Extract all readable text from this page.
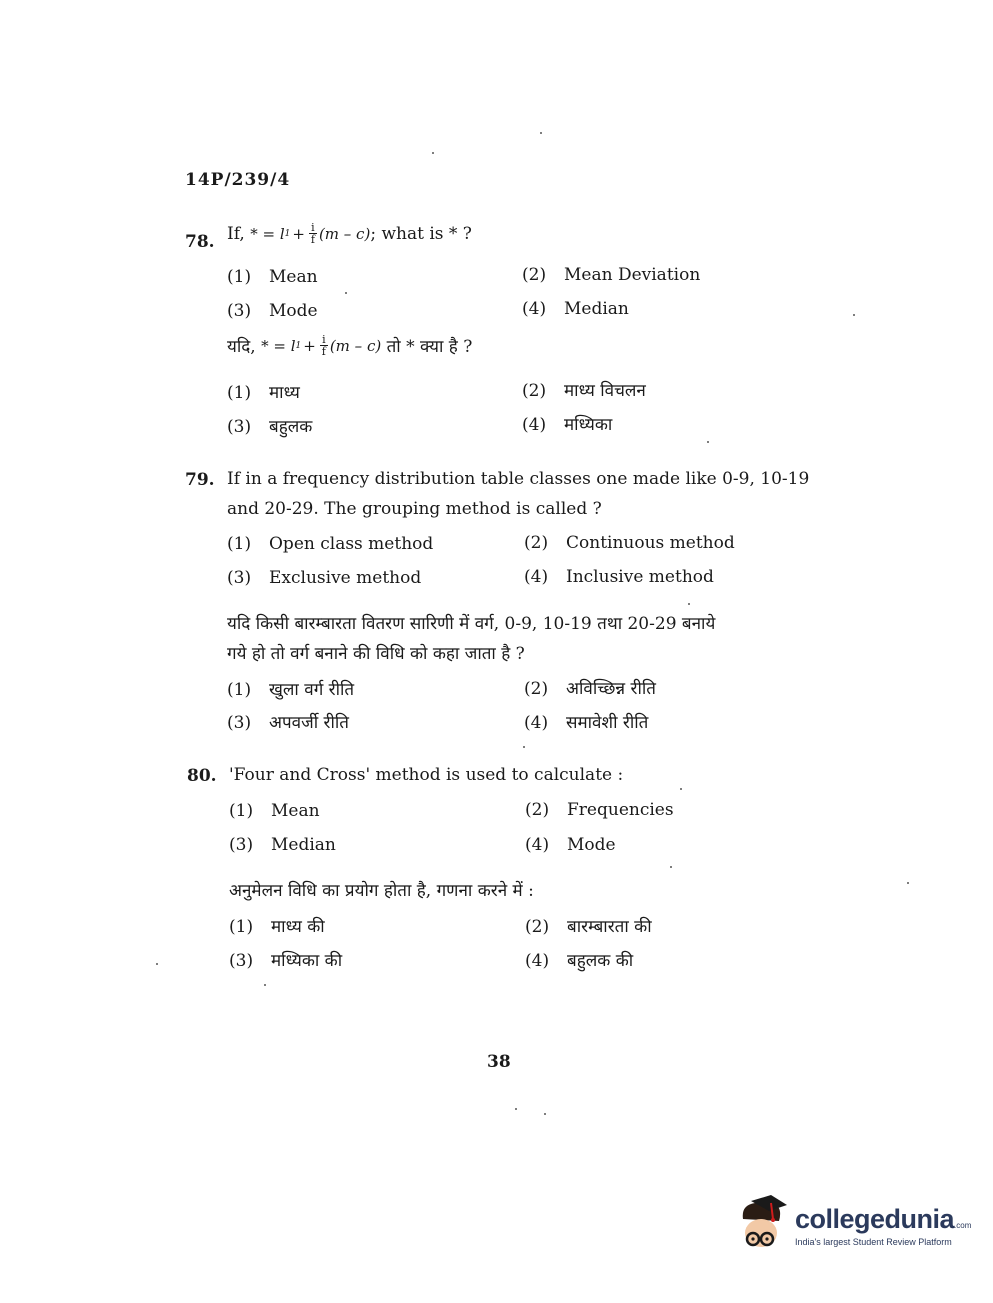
14P/239/4
78. If,
* = l $1 + \frac{i}{f} (m - c)$ ; what is * ?
(1) Mean	(2) Mean Deviation
(3) Mode	(4) Median
यदि,
* = l $1 + \frac{i}{f} (m - c)$
तो * क्या है ?
(1) माध्य	(2) माध्य विचलन
(3) बहुलक	(4) मध्यिका
79. If in a frequency distribution table classes one made like 0-9, 10-19
and 20-29. The grouping method is called ?
(1) Open class method	(2) Continuous method
(3) Exclusive method	(4) Inclusive method
यदि किसी बारम्बारता वितरण सारिणी में वर्ग, 0-9, 10-19 तथा 20-29 बनाये
गये हो तो वर्ग बनाने की विधि को कहा जाता है ?
(1) खुला वर्ग रीति	(2) अविच्छिन्न रीति
(3) अपवर्जी रीति	(4) समावेशी रीति
80. 'Four and Cross' method is used to calculate :
(1) Mean	(2) Frequencies
(3) Median	(4) Mode
अनुमेलन विधि का प्रयोग होता है, गणना करने में :
(1) माध्य की	(2) बारम्बारता की
(3) मध्यिका की	(4) बहुलक की
38
collegedunia.com
India's largest Student Review Platform
